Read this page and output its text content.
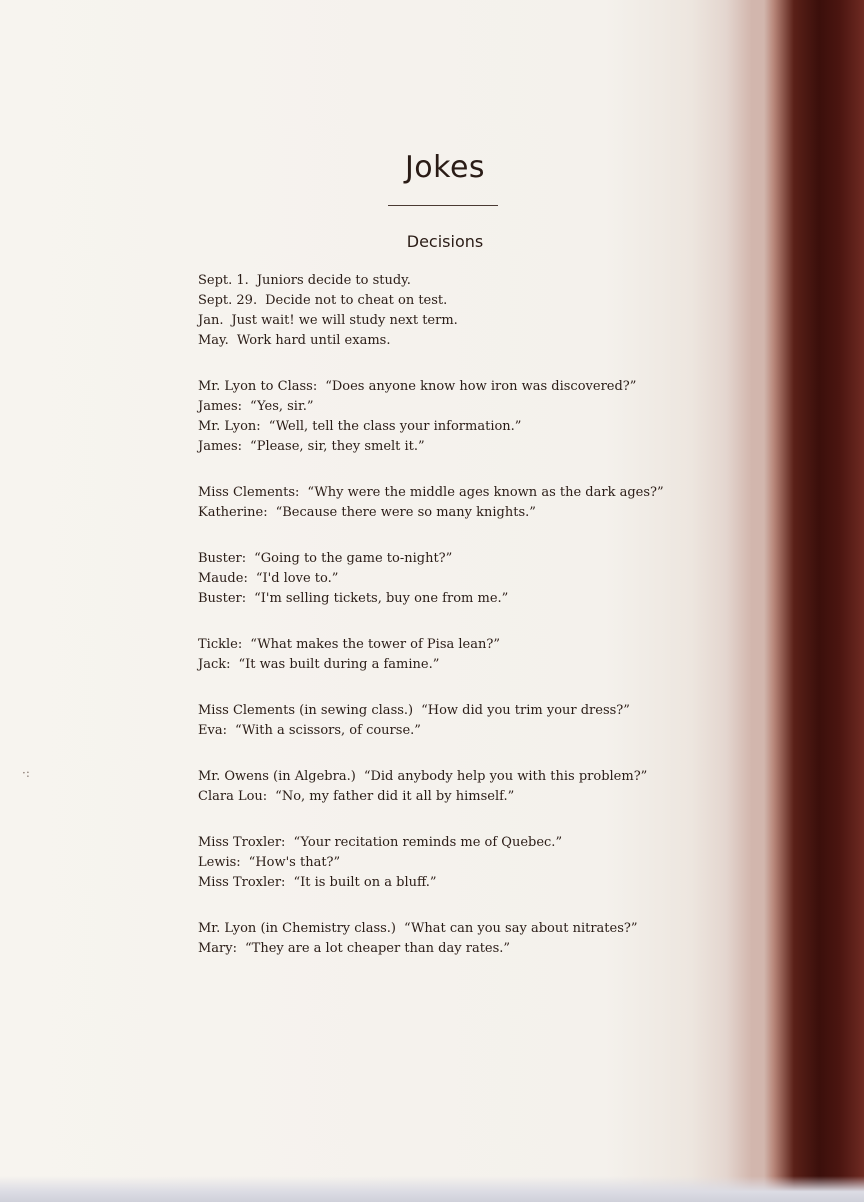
·:
Jokes
Decisions
Sept. 1. Juniors decide to study.
Sept. 29. Decide not to cheat on test.
Jan. Just wait! we will study next term.
May. Work hard until exams.
Mr. Lyon to Class: “Does anyone know how iron was discovered?”
James: “Yes, sir.”
Mr. Lyon: “Well, tell the class your information.”
James: “Please, sir, they smelt it.”
Miss Clements: “Why were the middle ages known as the dark ages?”
Katherine: “Because there were so many knights.”
Buster: “Going to the game to-night?”
Maude: “I'd love to.”
Buster: “I'm selling tickets, buy one from me.”
Tickle: “What makes the tower of Pisa lean?”
Jack: “It was built during a famine.”
Miss Clements (in sewing class.) “How did you trim your dress?”
Eva: “With a scissors, of course.”
Mr. Owens (in Algebra.) “Did anybody help you with this problem?”
Clara Lou: “No, my father did it all by himself.”
Miss Troxler: “Your recitation reminds me of Quebec.”
Lewis: “How's that?”
Miss Troxler: “It is built on a bluff.”
Mr. Lyon (in Chemistry class.) “What can you say about nitrates?”
Mary: “They are a lot cheaper than day rates.”
